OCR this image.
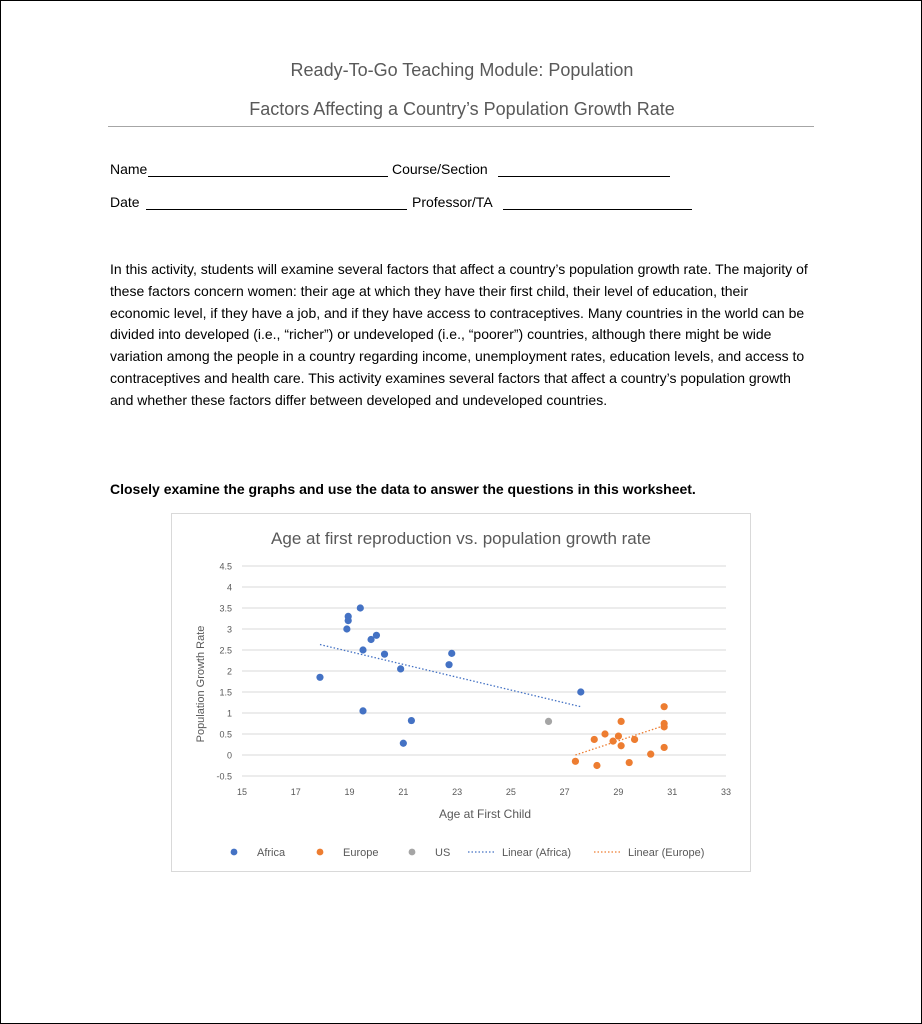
Ready-To-Go Teaching Module: Population
Factors Affecting a Country’s Population Growth Rate
Name	Course/Section
Date	Professor/TA
In this activity, students will examine several factors that affect a country’s population growth rate. The majority of these factors concern women: their age at which they have their first child, their level of education, their economic level, if they have a job, and if they have access to contraceptives. Many countries in the world can be divided into developed (i.e., “richer”) or undeveloped (i.e., “poorer”) countries, although there might be wide variation among the people in a country regarding income, unemployment rates, education levels, and access to contraceptives and health care. This activity examines several factors that affect a country’s population growth and whether these factors differ between developed and undeveloped countries.
Closely examine the graphs and use the data to answer the questions in this worksheet.
Age at first reproduction vs. population growth rate
-0.5
0
0.5
1
1.5
2
2.5
3
3.5
4
4.5
15	17	19	21	23	25	27	29	31	33
Age at First Child
Population Growth Rate
Africa	Europe	US	Linear (Africa)	Linear (Europe)
